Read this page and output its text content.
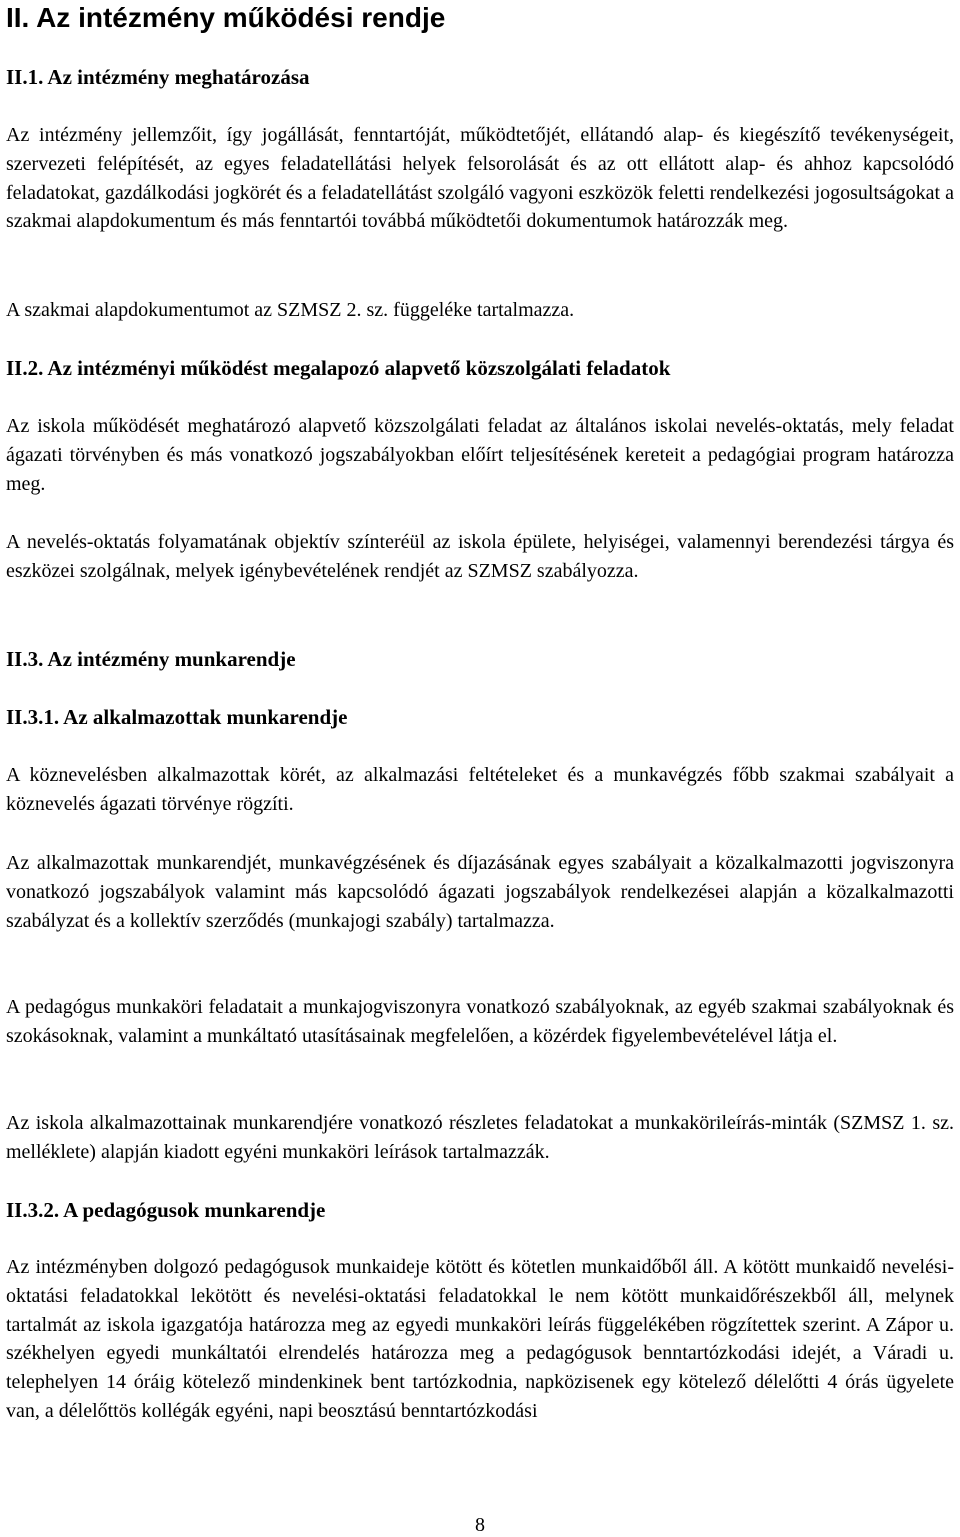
II. Az intézmény működési rendje
II.1. Az intézmény meghatározása

Az intézmény jellemzőit, így jogállását, fenntartóját, működtetőjét, ellátandó alap- és kiegészítő tevékenységeit, szervezeti felépítését, az egyes feladatellátási helyek felsorolását és az ott ellátott alap- és ahhoz kapcsolódó feladatokat, gazdálkodási jogkörét és a feladatellátást szolgáló vagyoni eszközök feletti rendelkezési jogosultságokat a szakmai alapdokumentum és más fenntartói továbbá működtetői dokumentumok határozzák meg.

A szakmai alapdokumentumot az SZMSZ 2. sz. függeléke tartalmazza.

II.2. Az intézményi működést megalapozó alapvető közszolgálati feladatok

Az iskola működését meghatározó alapvető közszolgálati feladat az általános iskolai nevelés-oktatás, mely feladat ágazati törvényben és más vonatkozó jogszabályokban előírt teljesítésének kereteit a pedagógiai program határozza meg.

A nevelés-oktatás folyamatának objektív színteréül az iskola épülete, helyiségei, valamennyi berendezési tárgya és eszközei szolgálnak, melyek igénybevételének rendjét az SZMSZ szabályozza.

II.3. Az intézmény munkarendje
II.3.1. Az alkalmazottak munkarendje

A köznevelésben alkalmazottak körét, az alkalmazási feltételeket és a munkavégzés főbb szakmai szabályait a köznevelés ágazati törvénye rögzíti.

Az alkalmazottak munkarendjét, munkavégzésének és díjazásának egyes szabályait a közalkalmazotti jogviszonyra vonatkozó jogszabályok valamint más kapcsolódó ágazati jogszabályok rendelkezései alapján a közalkalmazotti szabályzat és a kollektív szerződés (munkajogi szabály) tartalmazza.

A pedagógus munkaköri feladatait a munkajogviszonyra vonatkozó szabályoknak, az egyéb szakmai szabályoknak és szokásoknak, valamint a munkáltató utasításainak megfelelően, a közérdek figyelembevételével látja el.

Az iskola alkalmazottainak munkarendjére vonatkozó részletes feladatokat a munkakörileírás-minták (SZMSZ 1. sz. melléklete) alapján kiadott egyéni munkaköri leírások tartalmazzák.

II.3.2. A pedagógusok munkarendje

Az intézményben dolgozó pedagógusok munkaideje kötött és kötetlen munkaidőből áll. A kötött munkaidő nevelési-oktatási feladatokkal lekötött és nevelési-oktatási feladatokkal le nem kötött munkaidőrészekből áll, melynek tartalmát az iskola igazgatója határozza meg az egyedi munkaköri leírás függelékében rögzítettek szerint. A Zápor u. székhelyen egyedi munkáltatói elrendelés határozza meg a pedagógusok benntartózkodási idejét, a Váradi u. telephelyen 14 óráig kötelező mindenkinek bent tartózkodnia, napközisenek egy kötelező délelőtti 4 órás ügyelete van, a délelőttös kollégák egyéni, napi beosztású benntartózkodási

8
